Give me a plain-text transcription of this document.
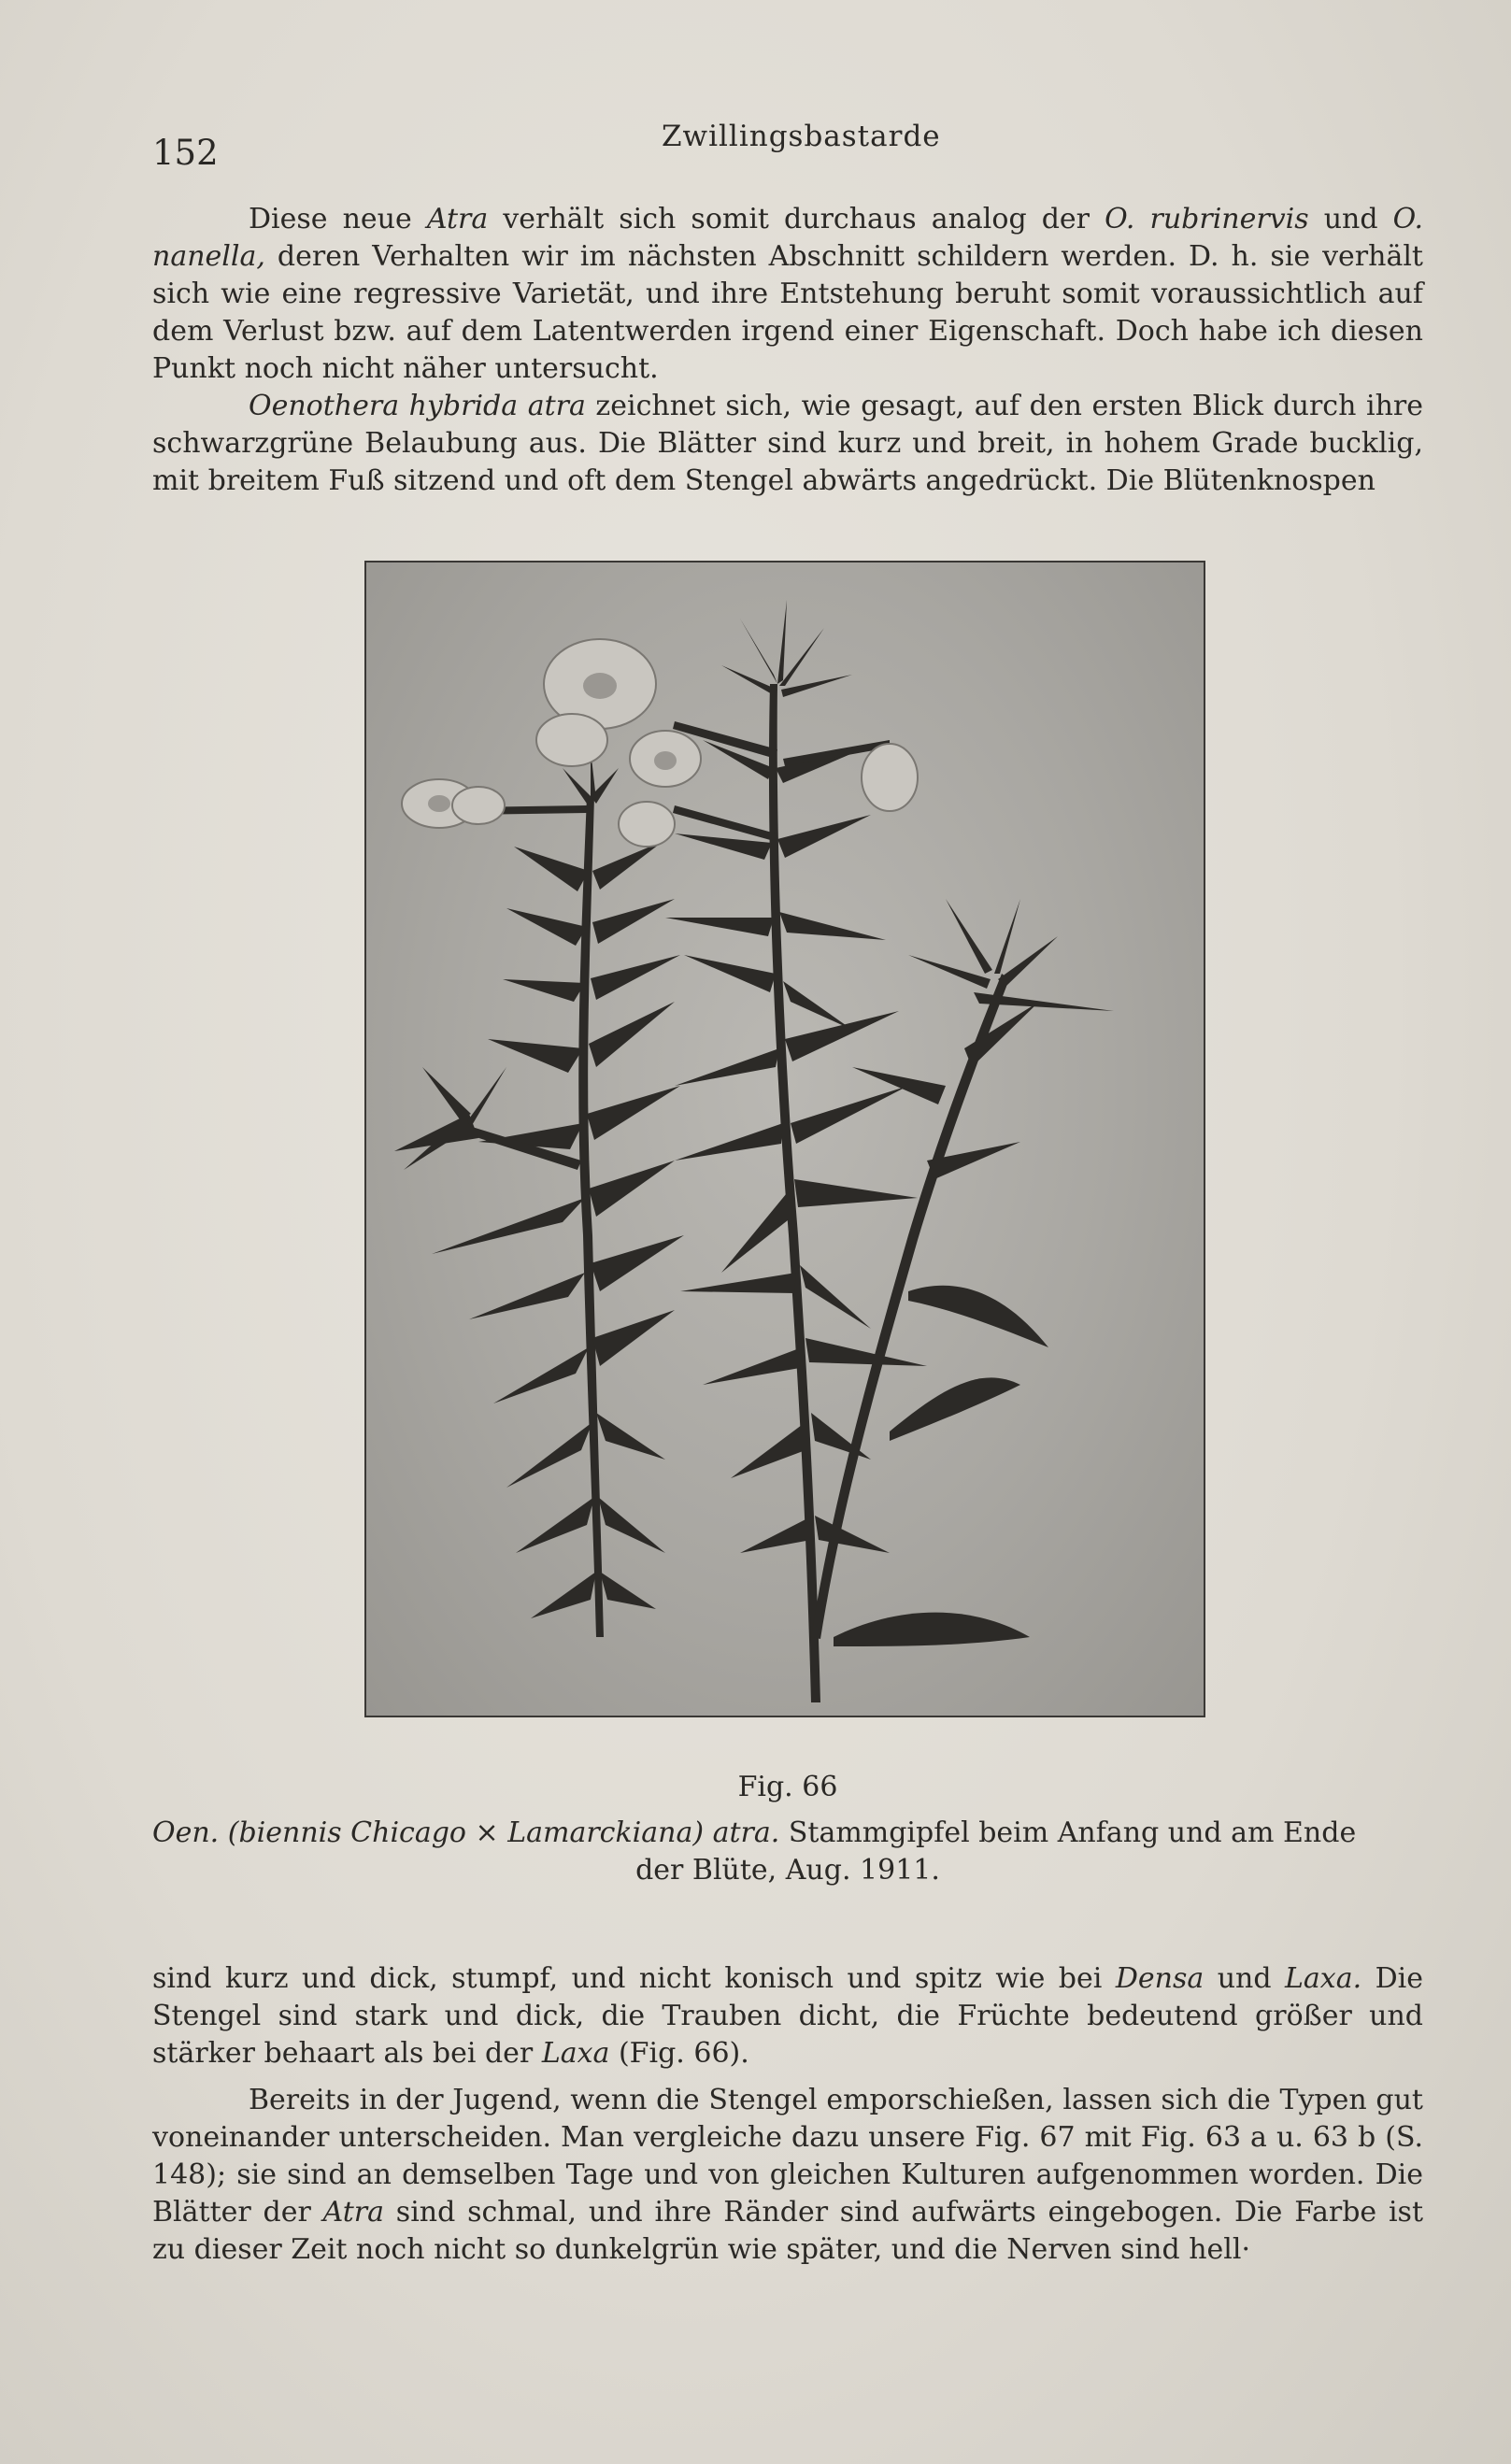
152	Zwillingsbastarde

Diese neue Atra verhält sich somit durchaus analog der O. rubrinervis und O. nanella, deren Verhalten wir im nächsten Abschnitt schildern werden. D. h. sie verhält sich wie eine regressive Varietät, und ihre Entstehung beruht somit voraussichtlich auf dem Verlust bzw. auf dem Latentwerden irgend einer Eigenschaft. Doch habe ich diesen Punkt noch nicht näher untersucht.

Oenothera hybrida atra zeichnet sich, wie gesagt, auf den ersten Blick durch ihre schwarzgrüne Belaubung aus. Die Blätter sind kurz und breit, in hohem Grade bucklig, mit breitem Fuß sitzend und oft dem Stengel abwärts angedrückt. Die Blütenknospen

Fig. 66
Oen. (biennis Chicago × Lamarckiana) atra. Stammgipfel beim Anfang und am Ende
der Blüte, Aug. 1911.

sind kurz und dick, stumpf, und nicht konisch und spitz wie bei Densa und Laxa. Die Stengel sind stark und dick, die Trauben dicht, die Früchte bedeutend größer und stärker behaart als bei der Laxa (Fig. 66).

Bereits in der Jugend, wenn die Stengel emporschießen, lassen sich die Typen gut voneinander unterscheiden. Man vergleiche dazu unsere Fig. 67 mit Fig. 63 a u. 63 b (S. 148); sie sind an demselben Tage und von gleichen Kulturen aufgenommen worden. Die Blätter der Atra sind schmal, und ihre Ränder sind aufwärts eingebogen. Die Farbe ist zu dieser Zeit noch nicht so dunkelgrün wie später, und die Nerven sind hell·
